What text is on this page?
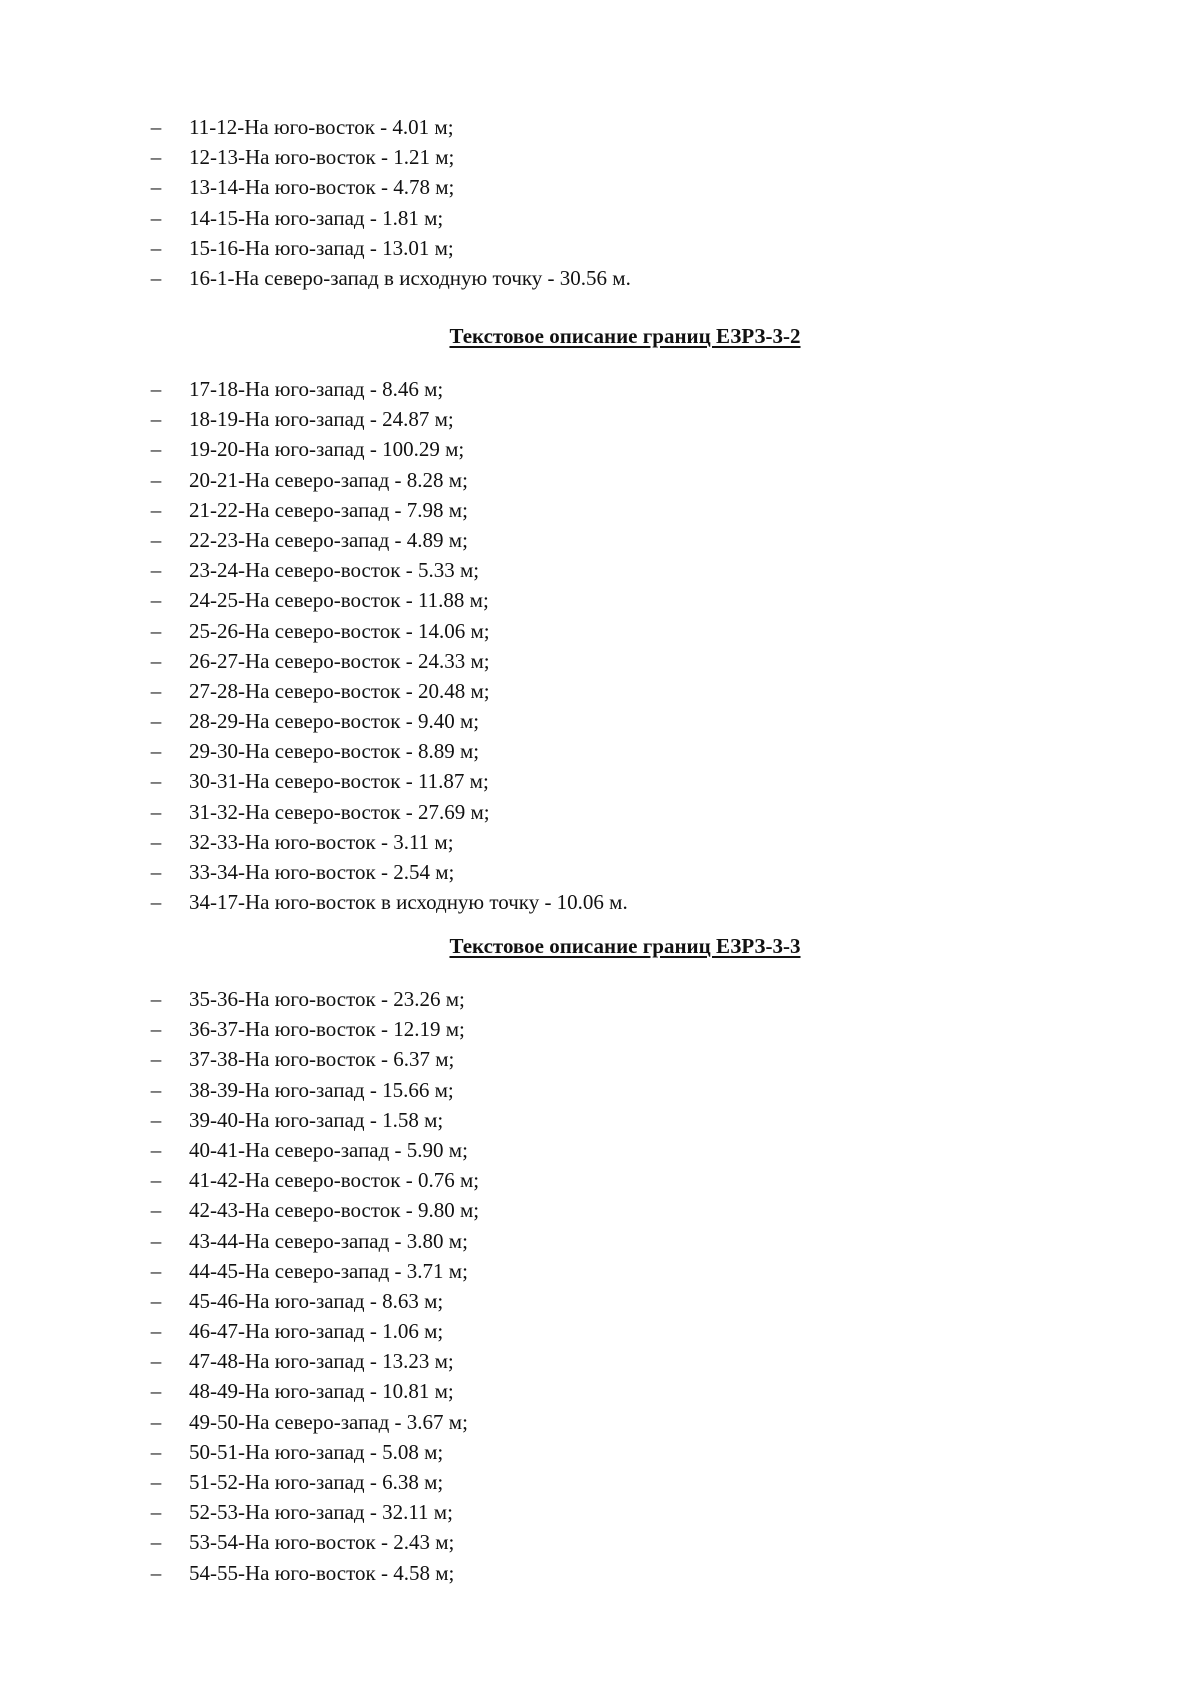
– 11-12-На юго-восток - 4.01 м;
– 12-13-На юго-восток - 1.21 м;
– 13-14-На юго-восток - 4.78 м;
– 14-15-На юго-запад - 1.81 м;
– 15-16-На юго-запад - 13.01 м;
– 16-1-На северо-запад в исходную точку - 30.56 м.
Текстовое описание границ ЕЗРЗ-3-2
– 17-18-На юго-запад - 8.46 м;
– 18-19-На юго-запад - 24.87 м;
– 19-20-На юго-запад - 100.29 м;
– 20-21-На северо-запад - 8.28 м;
– 21-22-На северо-запад - 7.98 м;
– 22-23-На северо-запад - 4.89 м;
– 23-24-На северо-восток - 5.33 м;
– 24-25-На северо-восток - 11.88 м;
– 25-26-На северо-восток - 14.06 м;
– 26-27-На северо-восток - 24.33 м;
– 27-28-На северо-восток - 20.48 м;
– 28-29-На северо-восток - 9.40 м;
– 29-30-На северо-восток - 8.89 м;
– 30-31-На северо-восток - 11.87 м;
– 31-32-На северо-восток - 27.69 м;
– 32-33-На юго-восток - 3.11 м;
– 33-34-На юго-восток - 2.54 м;
– 34-17-На юго-восток в исходную точку - 10.06 м.
Текстовое описание границ ЕЗРЗ-3-3
– 35-36-На юго-восток - 23.26 м;
– 36-37-На юго-восток - 12.19 м;
– 37-38-На юго-восток - 6.37 м;
– 38-39-На юго-запад - 15.66 м;
– 39-40-На юго-запад - 1.58 м;
– 40-41-На северо-запад - 5.90 м;
– 41-42-На северо-восток - 0.76 м;
– 42-43-На северо-восток - 9.80 м;
– 43-44-На северо-запад - 3.80 м;
– 44-45-На северо-запад - 3.71 м;
– 45-46-На юго-запад - 8.63 м;
– 46-47-На юго-запад - 1.06 м;
– 47-48-На юго-запад - 13.23 м;
– 48-49-На юго-запад - 10.81 м;
– 49-50-На северо-запад - 3.67 м;
– 50-51-На юго-запад - 5.08 м;
– 51-52-На юго-запад - 6.38 м;
– 52-53-На юго-запад - 32.11 м;
– 53-54-На юго-восток - 2.43 м;
– 54-55-На юго-восток - 4.58 м;
